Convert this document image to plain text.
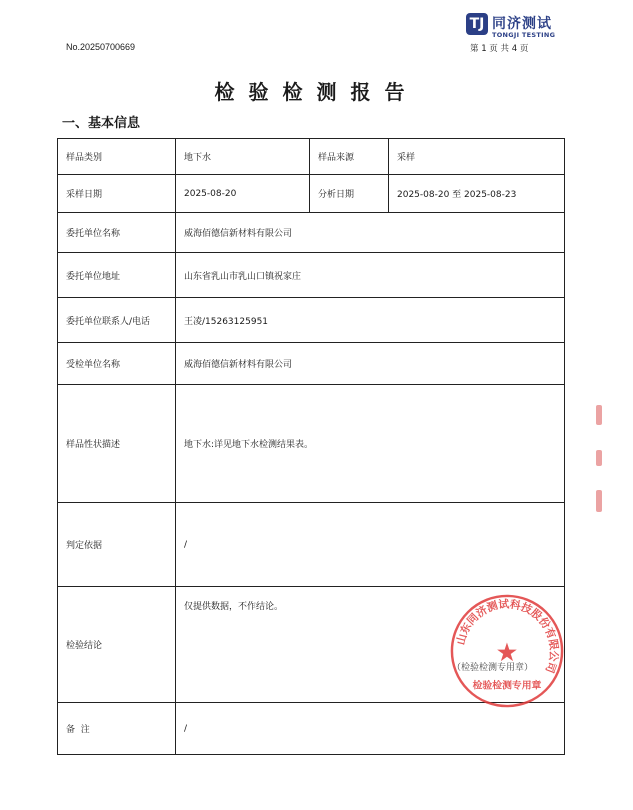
No.20250700669
TJ 同济测试
TONGJI TESTING
第 1 页 共 4 页
检验检测报告
一、基本信息
样品类别	地下水	样品来源	采样
采样日期	2025-08-20	分析日期	2025-08-20 至 2025-08-23
委托单位名称	威海佰德信新材料有限公司		
委托单位地址	山东省乳山市乳山口镇祝家庄		
委托单位联系人/电话	王凌/15263125951		
受检单位名称	威海佰德信新材料有限公司		
样品性状描述	地下水:详见地下水检测结果表。		
判定依据	/		
检验结论	仅提供数据，不作结论。		
备  注	/		
山东同济测试科技股份有限公司
★
检验检测专用章
（检验检测专用章）
